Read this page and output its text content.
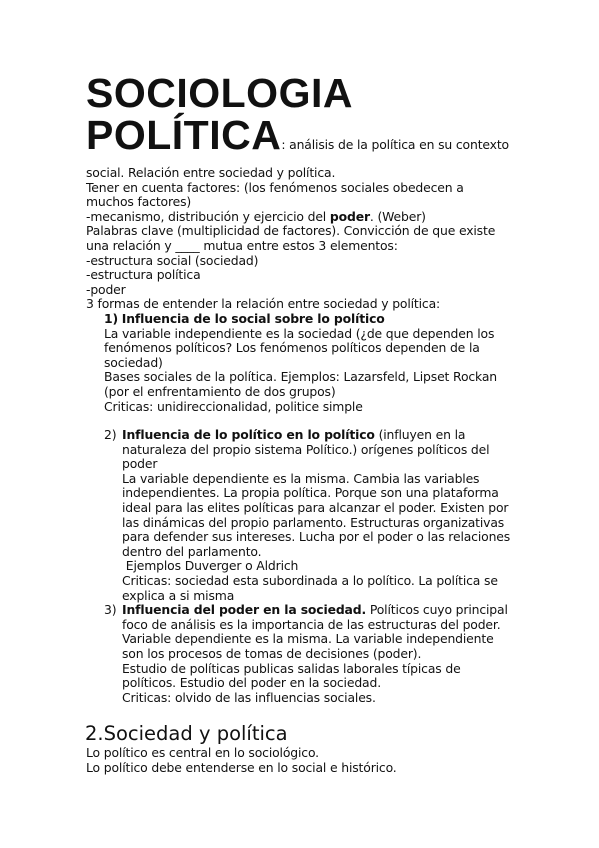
SOCIOLOGIA
POLÍTICA: análisis de la política en su contexto
social. Relación entre sociedad y política.
Tener en cuenta factores: (los fenómenos sociales obedecen a
muchos factores)
-mecanismo, distribución y ejercicio del poder. (Weber)
Palabras clave (multiplicidad de factores). Convicción de que existe
una relación y ____ mutua entre estos 3 elementos:
-estructura social (sociedad)
-estructura política
-poder
3 formas de entender la relación entre sociedad y política:
1) Influencia de lo social sobre lo político
La variable independiente es la sociedad (¿de que dependen los
fenómenos políticos? Los fenómenos políticos dependen de la
sociedad)
Bases sociales de la política. Ejemplos: Lazarsfeld, Lipset Rockan
(por el enfrentamiento de dos grupos)
Criticas: unidireccionalidad, politice simple
2) Influencia de lo político en lo político (influyen en la
naturaleza del propio sistema Político.) orígenes políticos del
poder
La variable dependiente es la misma. Cambia las variables
independientes. La propia política. Porque son una plataforma
ideal para las elites políticas para alcanzar el poder. Existen por
las dinámicas del propio parlamento. Estructuras organizativas
para defender sus intereses. Lucha por el poder o las relaciones
dentro del parlamento.
Ejemplos Duverger o Aldrich
Criticas: sociedad esta subordinada a lo político. La política se
explica a si misma
3) Influencia del poder en la sociedad. Políticos cuyo principal
foco de análisis es la importancia de las estructuras del poder.
Variable dependiente es la misma. La variable independiente
son los procesos de tomas de decisiones (poder).
Estudio de políticas publicas salidas laborales típicas de
políticos. Estudio del poder en la sociedad.
Criticas: olvido de las influencias sociales.
2.Sociedad y política
Lo político es central en lo sociológico.
Lo político debe entenderse en lo social e histórico.
